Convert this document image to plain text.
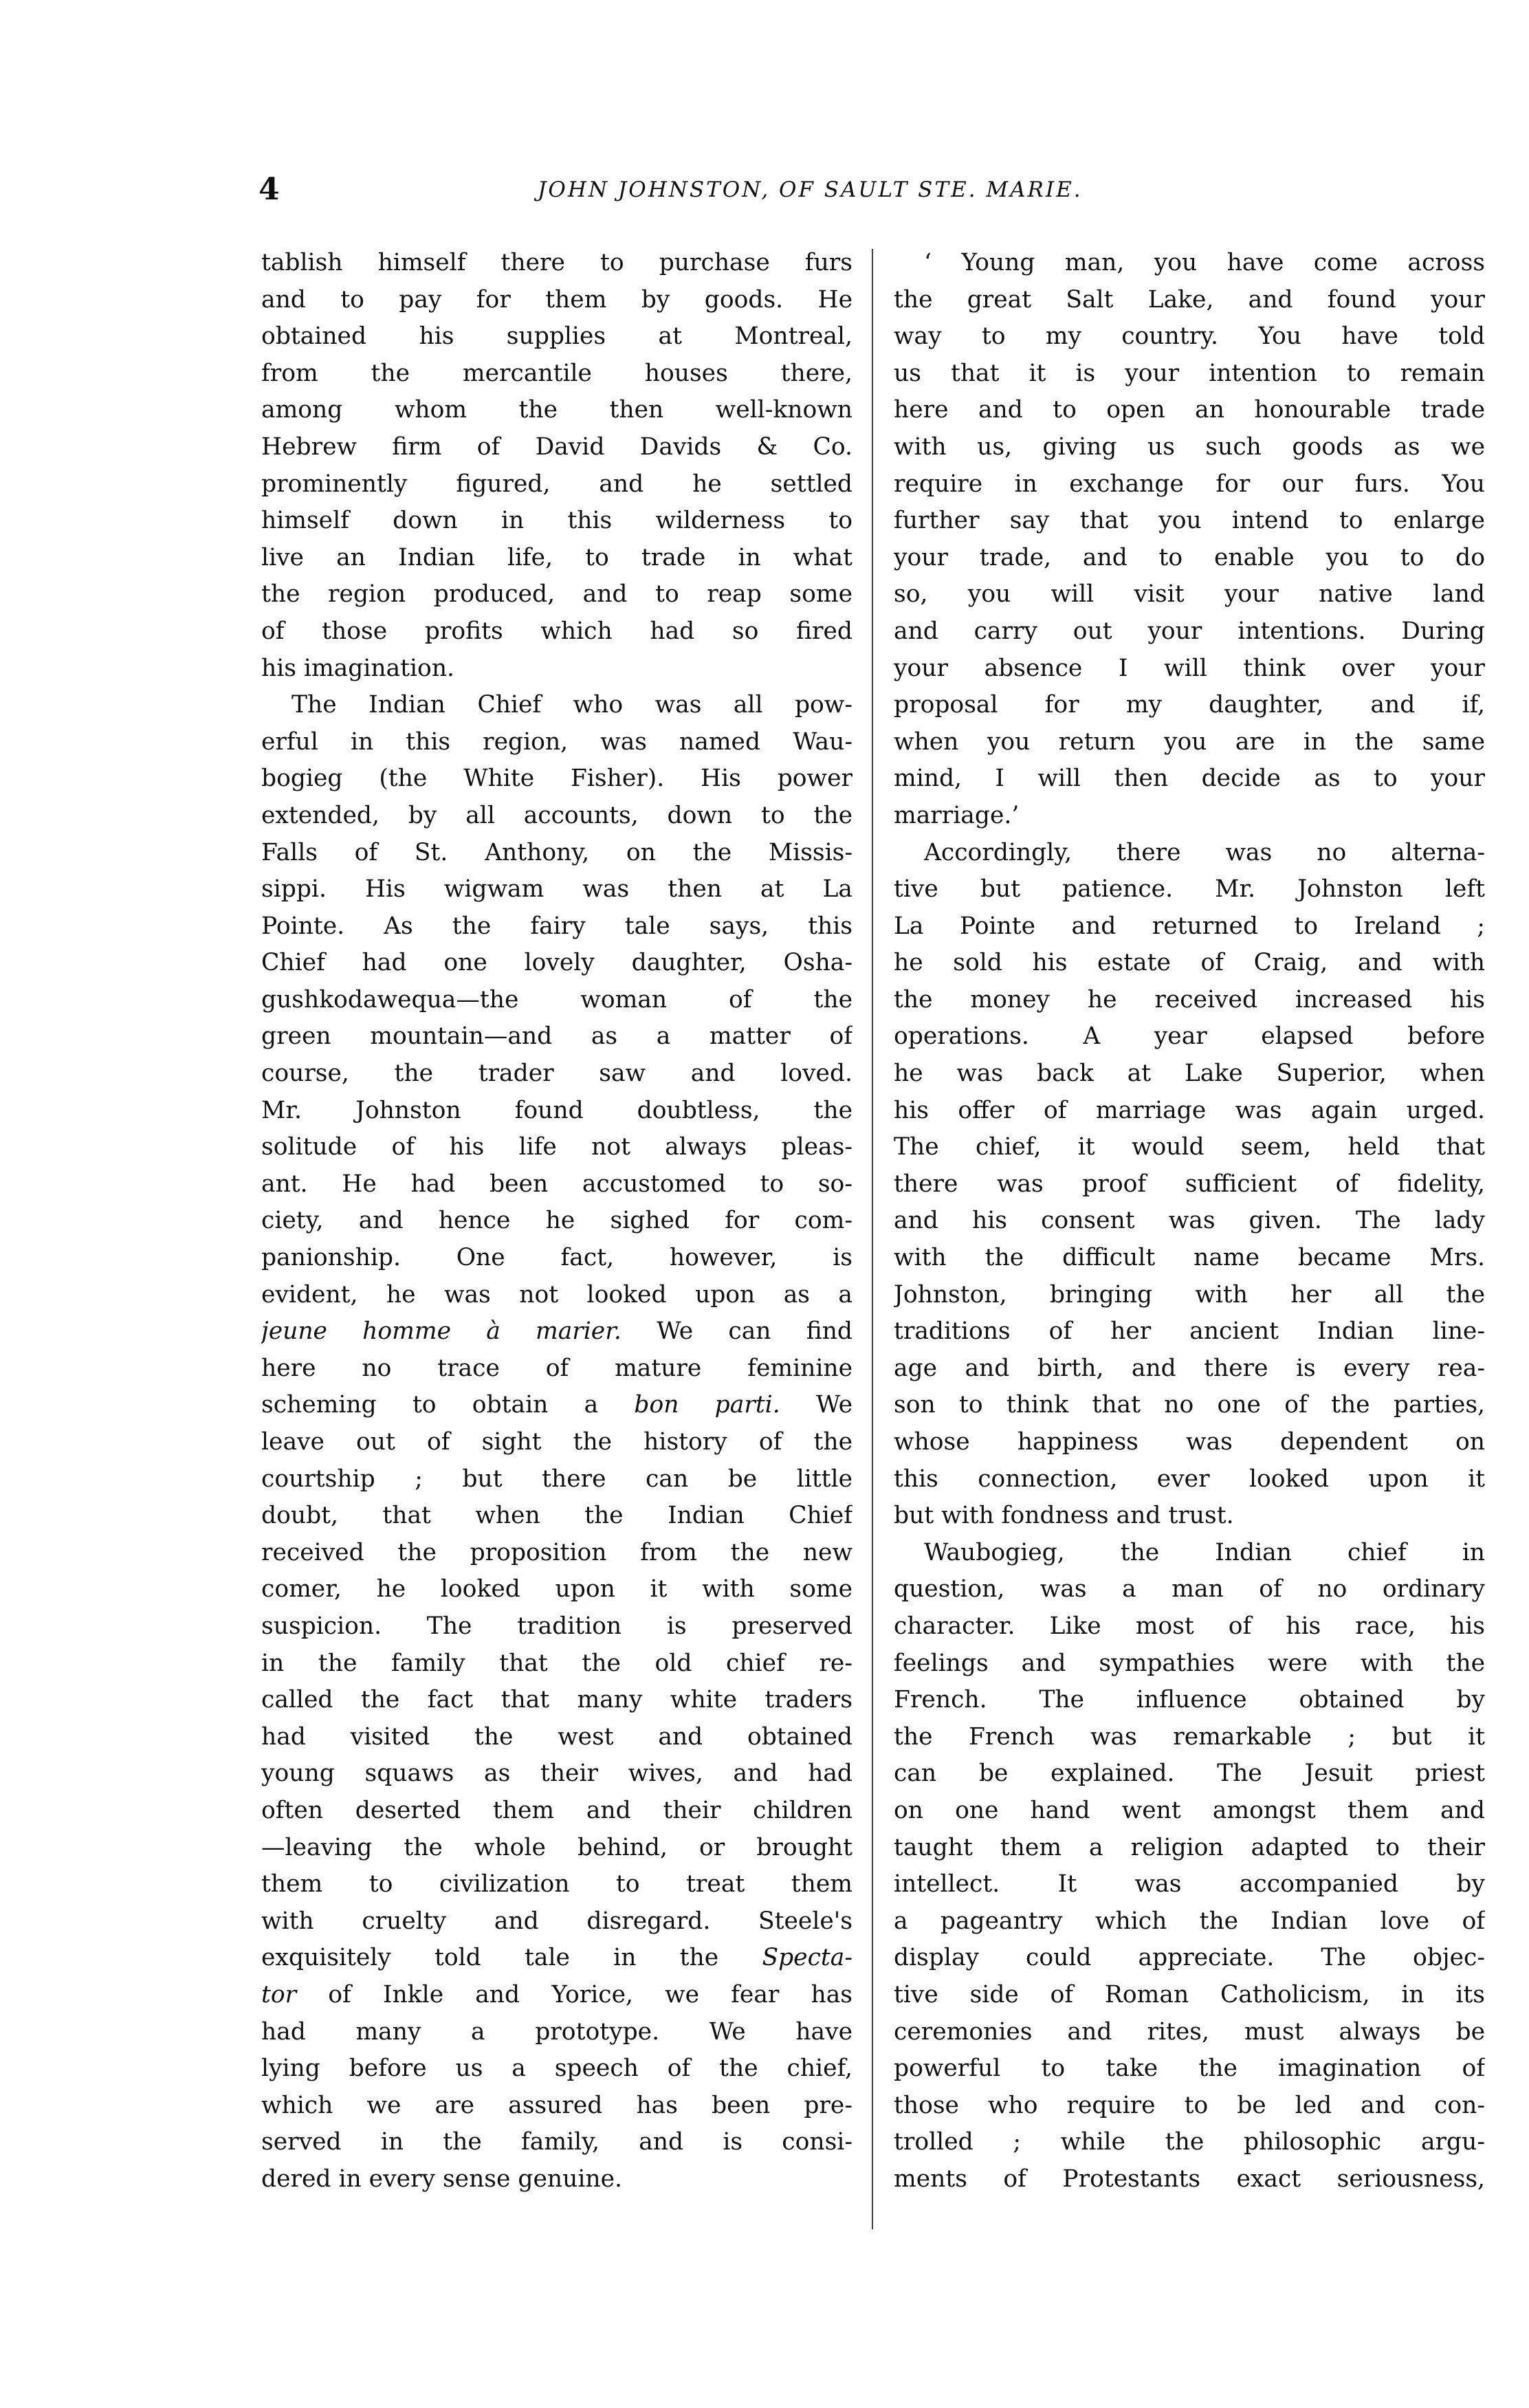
4	JOHN JOHNSTON, OF SAULT STE. MARIE.
tablish himself there to purchase furs
and to pay for them by goods. He
obtained his supplies at Montreal,
from the mercantile houses there,
among whom the then well-known
Hebrew firm of David Davids & Co.
prominently figured, and he settled
himself down in this wilderness to
live an Indian life, to trade in what
the region produced, and to reap some
of those profits which had so fired
his imagination.
The Indian Chief who was all pow-
erful in this region, was named Wau-
bogieg (the White Fisher). His power
extended, by all accounts, down to the
Falls of St. Anthony, on the Missis-
sippi. His wigwam was then at La
Pointe. As the fairy tale says, this
Chief had one lovely daughter, Osha-
gushkodawequa—the woman of the
green mountain—and as a matter of
course, the trader saw and loved.
Mr. Johnston found doubtless, the
solitude of his life not always pleas-
ant. He had been accustomed to so-
ciety, and hence he sighed for com-
panionship. One fact, however, is
evident, he was not looked upon as a
jeune homme à marier. We can find
here no trace of mature feminine
scheming to obtain a bon parti. We
leave out of sight the history of the
courtship ; but there can be little
doubt, that when the Indian Chief
received the proposition from the new
comer, he looked upon it with some
suspicion. The tradition is preserved
in the family that the old chief re-
called the fact that many white traders
had visited the west and obtained
young squaws as their wives, and had
often deserted them and their children
—leaving the whole behind, or brought
them to civilization to treat them
with cruelty and disregard. Steele's
exquisitely told tale in the Specta-
tor of Inkle and Yorice, we fear has
had many a prototype. We have
lying before us a speech of the chief,
which we are assured has been pre-
served in the family, and is consi-
dered in every sense genuine.
‘ Young man, you have come across
the great Salt Lake, and found your
way to my country. You have told
us that it is your intention to remain
here and to open an honourable trade
with us, giving us such goods as we
require in exchange for our furs. You
further say that you intend to enlarge
your trade, and to enable you to do
so, you will visit your native land
and carry out your intentions. During
your absence I will think over your
proposal for my daughter, and if,
when you return you are in the same
mind, I will then decide as to your
marriage.’
Accordingly, there was no alterna-
tive but patience. Mr. Johnston left
La Pointe and returned to Ireland ;
he sold his estate of Craig, and with
the money he received increased his
operations. A year elapsed before
he was back at Lake Superior, when
his offer of marriage was again urged.
The chief, it would seem, held that
there was proof sufficient of fidelity,
and his consent was given. The lady
with the difficult name became Mrs.
Johnston, bringing with her all the
traditions of her ancient Indian line-
age and birth, and there is every rea-
son to think that no one of the parties,
whose happiness was dependent on
this connection, ever looked upon it
but with fondness and trust.
Waubogieg, the Indian chief in
question, was a man of no ordinary
character. Like most of his race, his
feelings and sympathies were with the
French. The influence obtained by
the French was remarkable ; but it
can be explained. The Jesuit priest
on one hand went amongst them and
taught them a religion adapted to their
intellect. It was accompanied by
a pageantry which the Indian love of
display could appreciate. The objec-
tive side of Roman Catholicism, in its
ceremonies and rites, must always be
powerful to take the imagination of
those who require to be led and con-
trolled ; while the philosophic argu-
ments of Protestants exact seriousness,
